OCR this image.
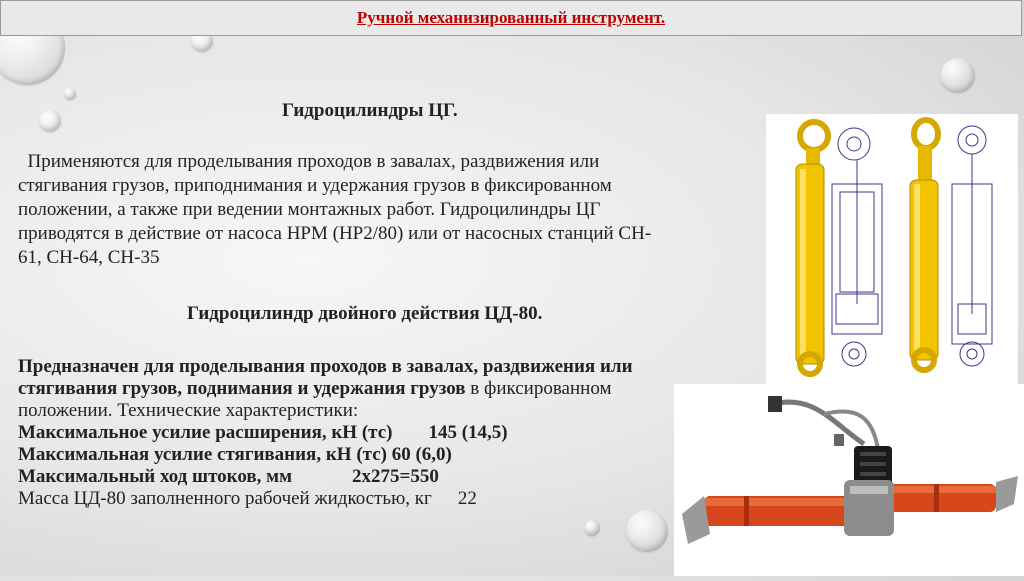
Ручной механизированный инструмент.
Гидроцилиндры ЦГ.
Применяются для проделывания проходов в завалах, раздвижения или
стягивания грузов, приподнимания и удержания грузов в фиксированном
положении, а также при ведении монтажных работ. Гидроцилиндры ЦГ
приводятся в действие от насоса НРМ (НР2/80) или от насосных станций СН-
61, СН-64, СН-35
Гидроцилиндр двойного действия ЦД-80.
Предназначен для проделывания проходов в завалах, раздвижения или
стягивания грузов, поднимания и удержания грузов в фиксированном
положении. Технические характеристики:
Максимальное усилие расширения, кН (тс) 145 (14,5)
Максимальная усилие стягивания, кН (тс) 60 (6,0)
Максимальный ход штоков, мм	2х275=550
Масса ЦД-80 заполненного рабочей жидкостью, кг 22
